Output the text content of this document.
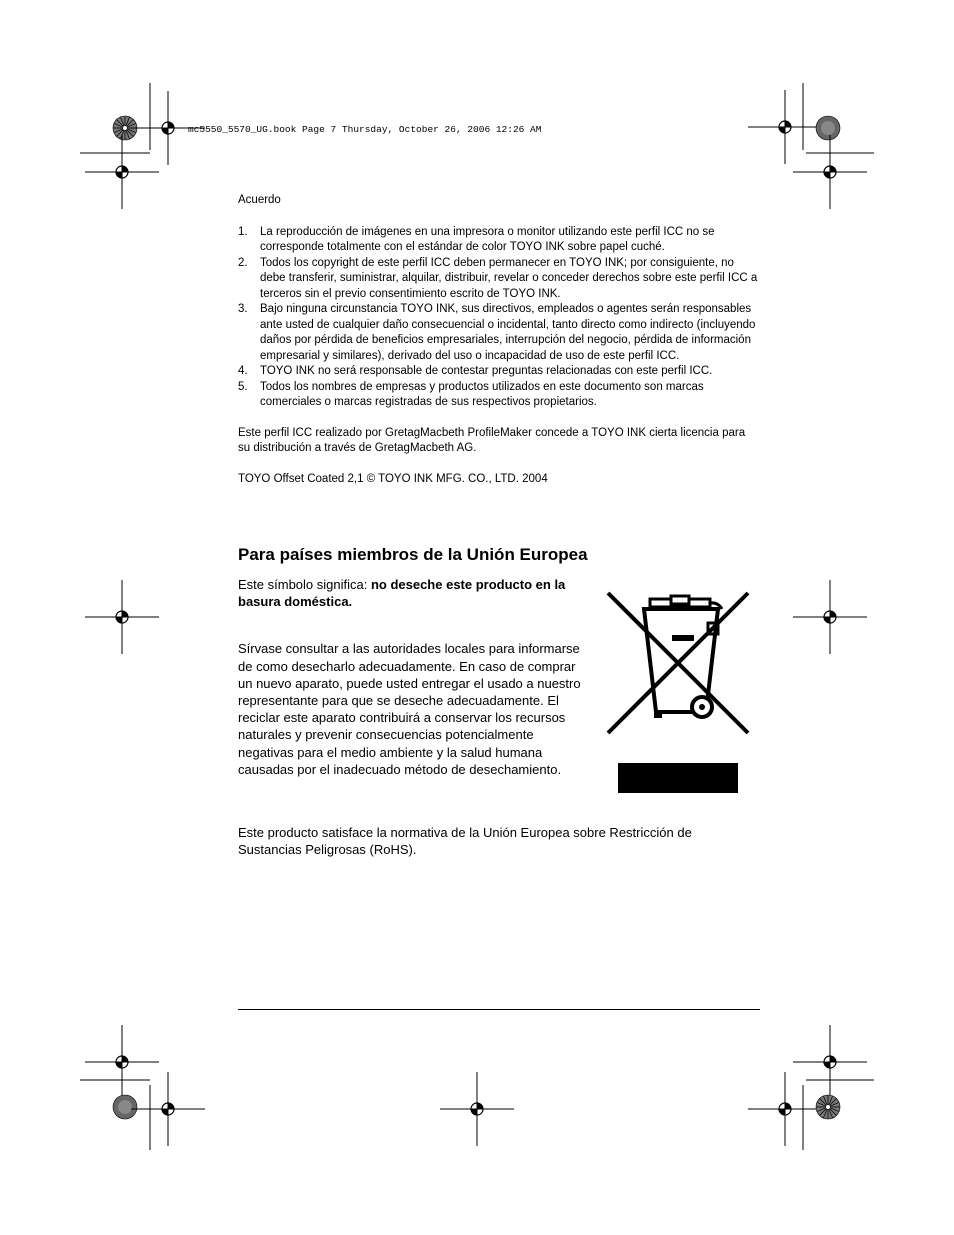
mc5550_5570_UG.book Page 7 Thursday, October 26, 2006 12:26 AM

Acuerdo

1.	La reproducción de imágenes en una impresora o monitor utilizando este perfil ICC no se corresponde totalmente con el estándar de color TOYO INK sobre papel cuché.
2.	Todos los copyright de este perfil ICC deben permanecer en TOYO INK; por consiguiente, no debe transferir, suministrar, alquilar, distribuir, revelar o conceder derechos sobre este perfil ICC a terceros sin el previo consentimiento escrito de TOYO INK.
3.	Bajo ninguna circunstancia TOYO INK, sus directivos, empleados o agentes serán responsables ante usted de cualquier daño consecuencial o incidental, tanto directo como indirecto (incluyendo daños por pérdida de beneficios empresariales, interrupción del negocio, pérdida de información empresarial y similares), derivado del uso o incapacidad de uso de este perfil ICC.
4.	TOYO INK no será responsable de contestar preguntas relacionadas con este perfil ICC.
5.	Todos los nombres de empresas y productos utilizados en este documento son marcas comerciales o marcas registradas de sus respectivos propietarios.

Este perfil ICC realizado por GretagMacbeth ProfileMaker concede a TOYO INK cierta licencia para su distribución a través de GretagMacbeth AG.

TOYO Offset Coated 2,1 © TOYO INK MFG. CO., LTD. 2004

Para países miembros de la Unión Europea

Este símbolo significa: no deseche este producto en la basura doméstica.

Sírvase consultar a las autoridades locales para informarse de como desecharlo adecuadamente. En caso de comprar un nuevo aparato, puede usted entregar el usado a nuestro representante para que se deseche adecuadamente. El reciclar este aparato contribuirá a conservar los recursos naturales y prevenir consecuencias potencialmente negativas para el medio ambiente y la salud humana causadas por el inadecuado método de desechamiento.

Este producto satisface la normativa de la Unión Europea sobre Restricción de Sustancias Peligrosas (RoHS).
